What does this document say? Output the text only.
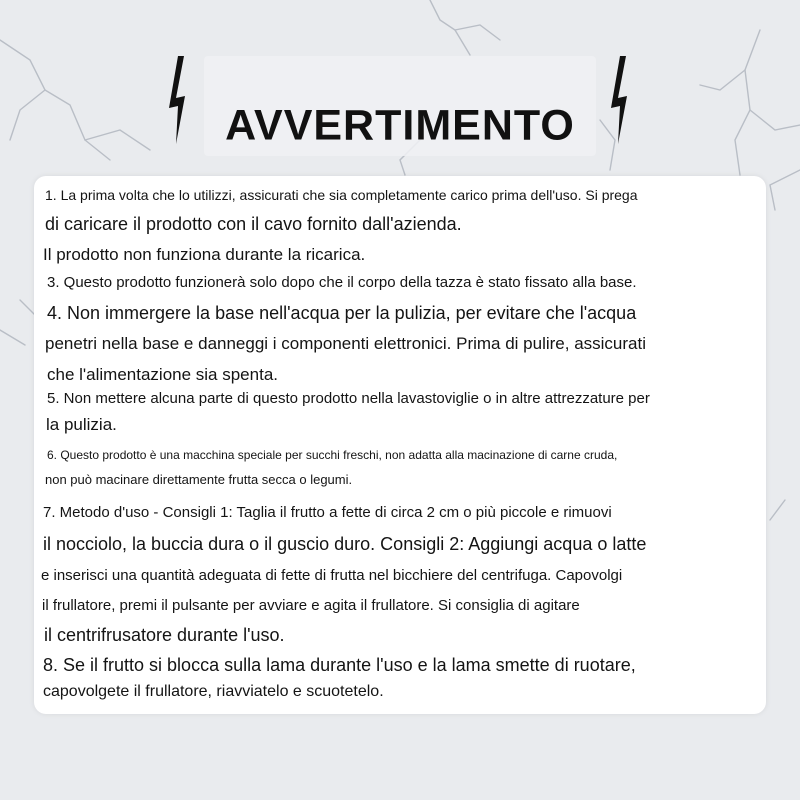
AVVERTIMENTO
1. La prima volta che lo utilizzi, assicurati che sia completamente carico prima dell'uso. Si prega
di caricare il prodotto con il cavo fornito dall'azienda.
Il prodotto non funziona durante la ricarica.
3. Questo prodotto funzionerà solo dopo che il corpo della tazza è stato fissato alla base.
4. Non immergere la base nell'acqua per la pulizia, per evitare che l'acqua
penetri nella base e danneggi i componenti elettronici. Prima di pulire, assicurati
che l'alimentazione sia spenta.
5. Non mettere alcuna parte di questo prodotto nella lavastoviglie o in altre attrezzature per
la pulizia.
6. Questo prodotto è una macchina speciale per succhi freschi, non adatta alla macinazione di carne cruda,
non può macinare direttamente frutta secca o legumi.
7. Metodo d'uso - Consigli 1: Taglia il frutto a fette di circa 2 cm o più piccole e rimuovi
il nocciolo, la buccia dura o il guscio duro. Consigli 2: Aggiungi acqua o latte
e inserisci una quantità adeguata di fette di frutta nel bicchiere del centrifuga. Capovolgi
il frullatore, premi il pulsante per avviare e agita il frullatore. Si consiglia di agitare
il centrifrusatore durante l'uso.
8. Se il frutto si blocca sulla lama durante l'uso e la lama smette di ruotare,
capovolgete il frullatore, riavviatelo e scuotetelo.
